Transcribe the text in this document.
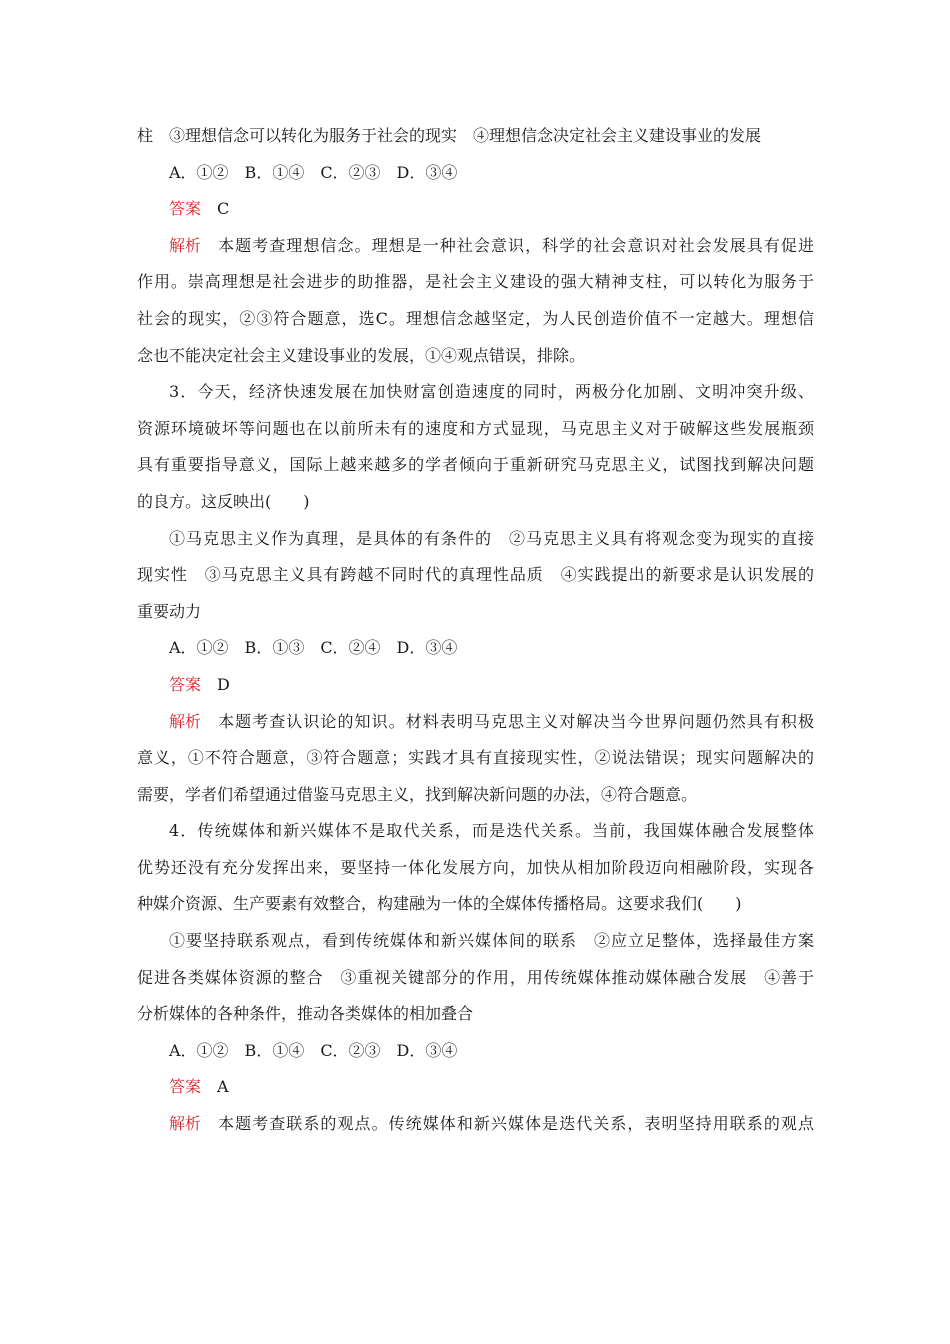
柱　③理想信念可以转化为服务于社会的现实　④理想信念决定社会主义建设事业的发展
A．①②　B．①④　C．②③　D．③④
答案 C
解析 本题考查理想信念。理想是一种社会意识，科学的社会意识对社会发展具有促进
作用。崇高理想是社会进步的助推器，是社会主义建设的强大精神支柱，可以转化为服务于
社会的现实，②③符合题意，选C。理想信念越坚定，为人民创造价值不一定越大。理想信
念也不能决定社会主义建设事业的发展，①④观点错误，排除。
3．今天，经济快速发展在加快财富创造速度的同时，两极分化加剧、文明冲突升级、
资源环境破坏等问题也在以前所未有的速度和方式显现，马克思主义对于破解这些发展瓶颈
具有重要指导意义，国际上越来越多的学者倾向于重新研究马克思主义，试图找到解决问题
的良方。这反映出(　　)
①马克思主义作为真理，是具体的有条件的　②马克思主义具有将观念变为现实的直接
现实性　③马克思主义具有跨越不同时代的真理性品质　④实践提出的新要求是认识发展的
重要动力
A．①②　B．①③　C．②④　D．③④
答案 D
解析 本题考查认识论的知识。材料表明马克思主义对解决当今世界问题仍然具有积极
意义，①不符合题意，③符合题意；实践才具有直接现实性，②说法错误；现实问题解决的
需要，学者们希望通过借鉴马克思主义，找到解决新问题的办法，④符合题意。
4．传统媒体和新兴媒体不是取代关系，而是迭代关系。当前，我国媒体融合发展整体
优势还没有充分发挥出来，要坚持一体化发展方向，加快从相加阶段迈向相融阶段，实现各
种媒介资源、生产要素有效整合，构建融为一体的全媒体传播格局。这要求我们(　　)
①要坚持联系观点，看到传统媒体和新兴媒体间的联系　②应立足整体，选择最佳方案
促进各类媒体资源的整合　③重视关键部分的作用，用传统媒体推动媒体融合发展　④善于
分析媒体的各种条件，推动各类媒体的相加叠合
A．①②　B．①④　C．②③　D．③④
答案 A
解析 本题考查联系的观点。传统媒体和新兴媒体是迭代关系，表明坚持用联系的观点
